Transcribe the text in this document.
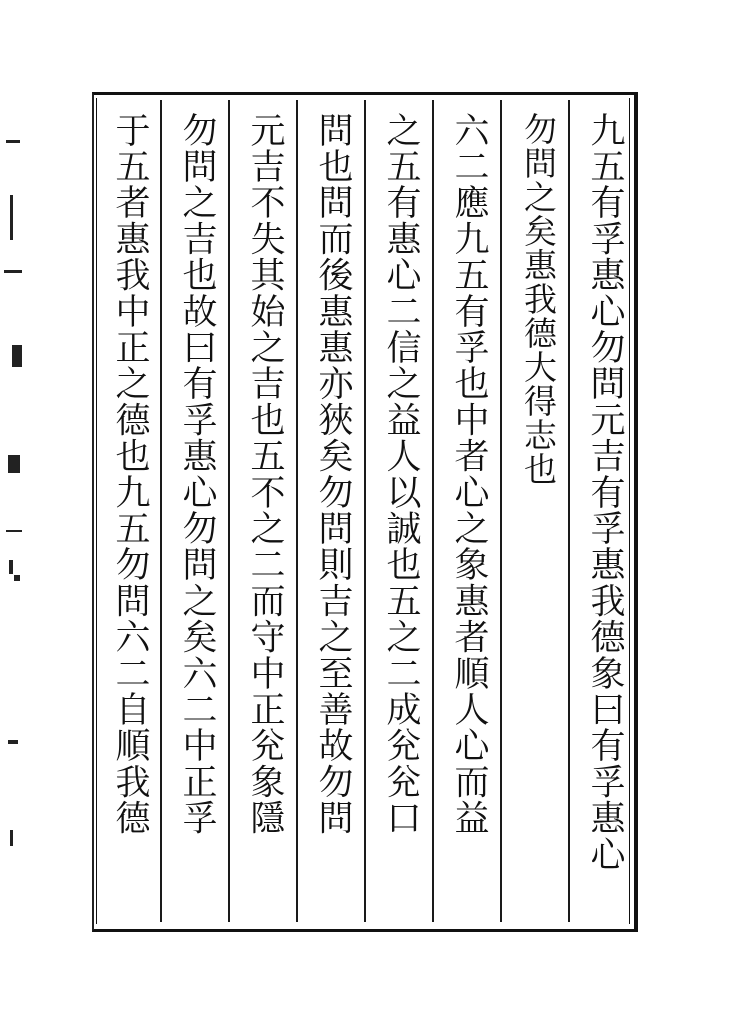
九五有孚惠心勿問元吉有孚惠我德象曰有孚惠心
勿問之矣惠我德大得志也
六二應九五有孚也中者心之象惠者順人心而益
之五有惠心二信之益人以誠也五之二成兊兊口
問也問而後惠惠亦狹矣勿問則吉之至善故勿問
元吉不失其始之吉也五不之二而守中正兊象隱
勿問之吉也故曰有孚惠心勿問之矣六二中正孚
于五者惠我中正之德也九五勿問六二自順我德
